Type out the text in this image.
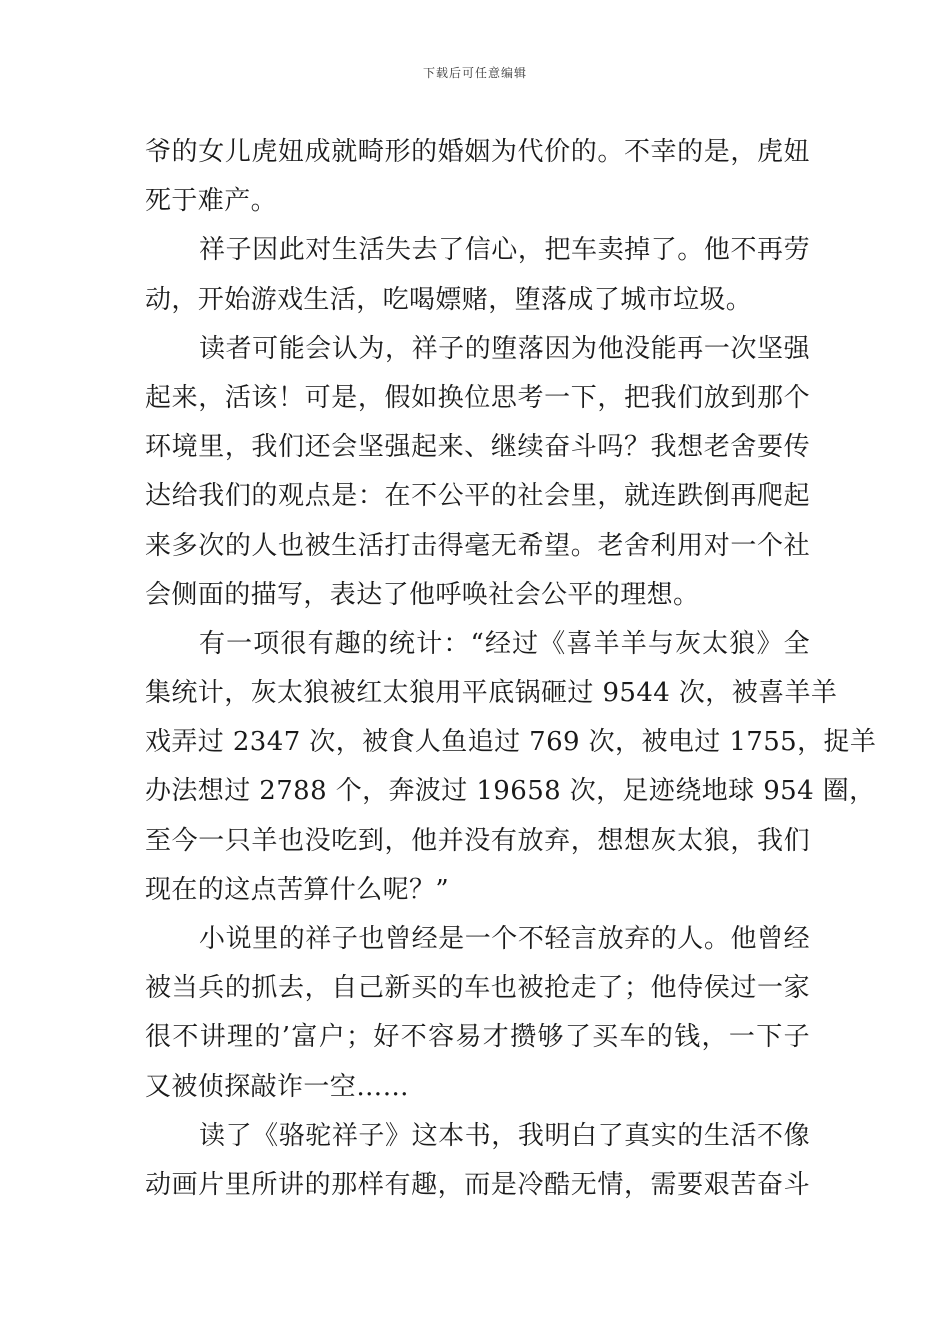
下载后可任意编辑
爷的女儿虎妞成就畸形的婚姻为代价的。不幸的是，虎妞
死于难产。
祥子因此对生活失去了信心，把车卖掉了。他不再劳
动，开始游戏生活，吃喝嫖赌，堕落成了城市垃圾。
读者可能会认为，祥子的堕落因为他没能再一次坚强
起来，活该！可是，假如换位思考一下，把我们放到那个
环境里，我们还会坚强起来、继续奋斗吗？我想老舍要传
达给我们的观点是：在不公平的社会里，就连跌倒再爬起
来多次的人也被生活打击得毫无希望。老舍利用对一个社
会侧面的描写，表达了他呼唤社会公平的理想。
有一项很有趣的统计：“经过《喜羊羊与灰太狼》全
集统计，灰太狼被红太狼用平底锅砸过 9544 次，被喜羊羊
戏弄过 2347 次，被食人鱼追过 769 次，被电过 1755，捉羊
办法想过 2788 个，奔波过 19658 次，足迹绕地球 954 圈，
至今一只羊也没吃到，他并没有放弃，想想灰太狼，我们
现在的这点苦算什么呢？”
小说里的祥子也曾经是一个不轻言放弃的人。他曾经
被当兵的抓去，自己新买的车也被抢走了；他侍侯过一家
很不讲理的’富户；好不容易才攒够了买车的钱，一下子
又被侦探敲诈一空……
读了《骆驼祥子》这本书，我明白了真实的生活不像
动画片里所讲的那样有趣，而是冷酷无情，需要艰苦奋斗
